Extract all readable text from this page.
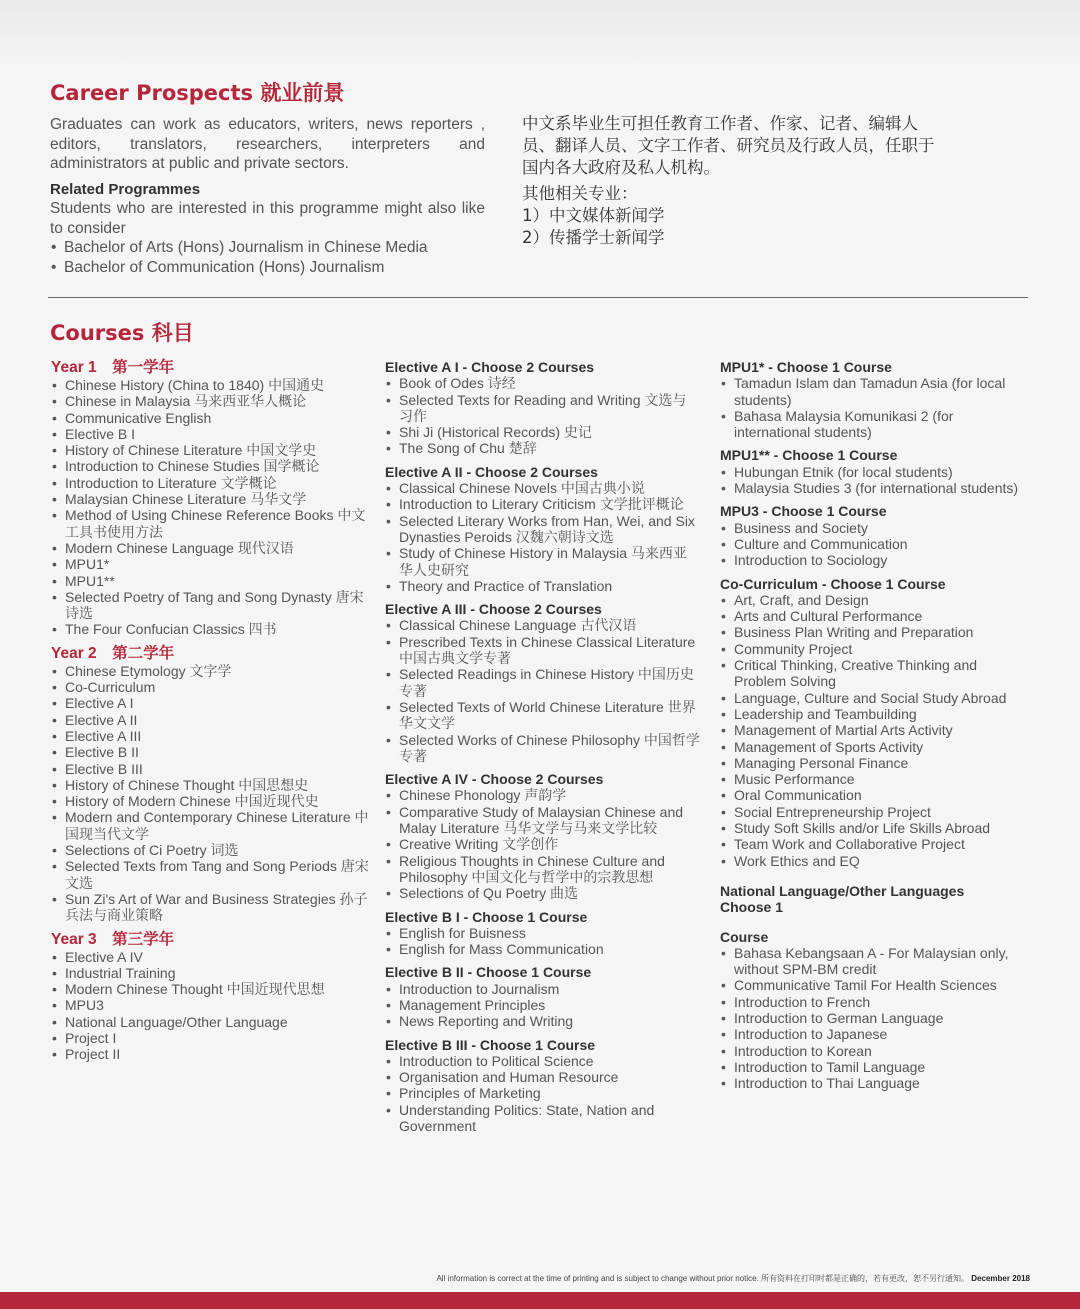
Career Prospects 就业前景

Graduates can work as educators, writers, news reporters , editors, translators, researchers, interpreters and administrators at public and private sectors.

Related Programmes

Students who are interested in this programme might also like to consider

• Bachelor of Arts (Hons) Journalism in Chinese Media
• Bachelor of Communication (Hons) Journalism

中文系毕业生可担任教育工作者、作家、记者、编辑人员、翻译人员、文字工作者、研究员及行政人员，任职于国内各大政府及私人机构。

其他相关专业：

1）中文媒体新闻学

2）传播学士新闻学

Courses 科目
Year 1　第一学年
• Chinese History (China to 1840) 中国通史
• Chinese in Malaysia 马来西亚华人概论
• Communicative English
• Elective B I
• History of Chinese Literature 中国文学史
• Introduction to Chinese Studies 国学概论
• Introduction to Literature 文学概论
• Malaysian Chinese Literature 马华文学
• Method of Using Chinese Reference Books 中文工具书使用方法
• Modern Chinese Language 现代汉语
• MPU1*
• MPU1**
• Selected Poetry of Tang and Song Dynasty 唐宋诗选
• The Four Confucian Classics 四书
Year 2　第二学年
• Chinese Etymology 文字学
• Co-Curriculum
• Elective A I
• Elective A II
• Elective A III
• Elective B II
• Elective B III
• History of Chinese Thought 中国思想史
• History of Modern Chinese 中国近现代史
• Modern and Contemporary Chinese Literature 中国现当代文学
• Selections of Ci Poetry 词选
• Selected Texts from Tang and Song Periods 唐宋文选
• Sun Zi's Art of War and Business Strategies 孙子兵法与商业策略
Year 3　第三学年
• Elective A IV
• Industrial Training
• Modern Chinese Thought 中国近现代思想
• MPU3
• National Language/Other Language
• Project I
• Project II
Elective A I - Choose 2 Courses
• Book of Odes 诗经
• Selected Texts for Reading and Writing 文选与习作
• Shi Ji (Historical Records) 史记
• The Song of Chu 楚辞
Elective A II - Choose 2 Courses
• Classical Chinese Novels 中国古典小说
• Introduction to Literary Criticism 文学批评概论
• Selected Literary Works from Han, Wei, and Six Dynasties Peroids 汉魏六朝诗文选
• Study of Chinese History in Malaysia 马来西亚华人史研究
• Theory and Practice of Translation
Elective A III - Choose 2 Courses
• Classical Chinese Language 古代汉语
• Prescribed Texts in Chinese Classical Literature 中国古典文学专著
• Selected Readings in Chinese History 中国历史专著
• Selected Texts of World Chinese Literature 世界华文文学
• Selected Works of Chinese Philosophy 中国哲学专著
Elective A IV - Choose 2 Courses
• Chinese Phonology 声韵学
• Comparative Study of Malaysian Chinese and Malay Literature 马华文学与马来文学比较
• Creative Writing 文学创作
• Religious Thoughts in Chinese Culture and Philosophy 中国文化与哲学中的宗教思想
• Selections of Qu Poetry 曲选
Elective B I - Choose 1 Course
• English for Buisness
• English for Mass Communication
Elective B II - Choose 1 Course
• Introduction to Journalism
• Management Principles
• News Reporting and Writing
Elective B III - Choose 1 Course
• Introduction to Political Science
• Organisation and Human Resource
• Principles of Marketing
• Understanding Politics: State, Nation and Government
MPU1* - Choose 1 Course
• Tamadun Islam dan Tamadun Asia (for local students)
• Bahasa Malaysia Komunikasi 2 (for international students)
MPU1** - Choose 1 Course
• Hubungan Etnik (for local students)
• Malaysia Studies 3 (for international students)
MPU3 - Choose 1 Course
• Business and Society
• Culture and Communication
• Introduction to Sociology
Co-Curriculum - Choose 1 Course
• Art, Craft, and Design
• Arts and Cultural Performance
• Business Plan Writing and Preparation
• Community Project
• Critical Thinking, Creative Thinking and Problem Solving
• Language, Culture and Social Study Abroad
• Leadership and Teambuilding
• Management of Martial Arts Activity
• Management of Sports Activity
• Managing Personal Finance
• Music Performance
• Oral Communication
• Social Entrepreneurship Project
• Study Soft Skills and/or Life Skills Abroad
• Team Work and Collaborative Project
• Work Ethics and EQ
National Language/Other Languages
Choose 1
Course
• Bahasa Kebangsaan A - For Malaysian only, without SPM-BM credit
• Communicative Tamil For Health Sciences
• Introduction to French
• Introduction to German Language
• Introduction to Japanese
• Introduction to Korean
• Introduction to Tamil Language
• Introduction to Thai Language
All information is correct at the time of printing and is subject to change without prior notice. 所有资料在打印时都是正确的，若有更改，恕不另行通知。 December 2018
